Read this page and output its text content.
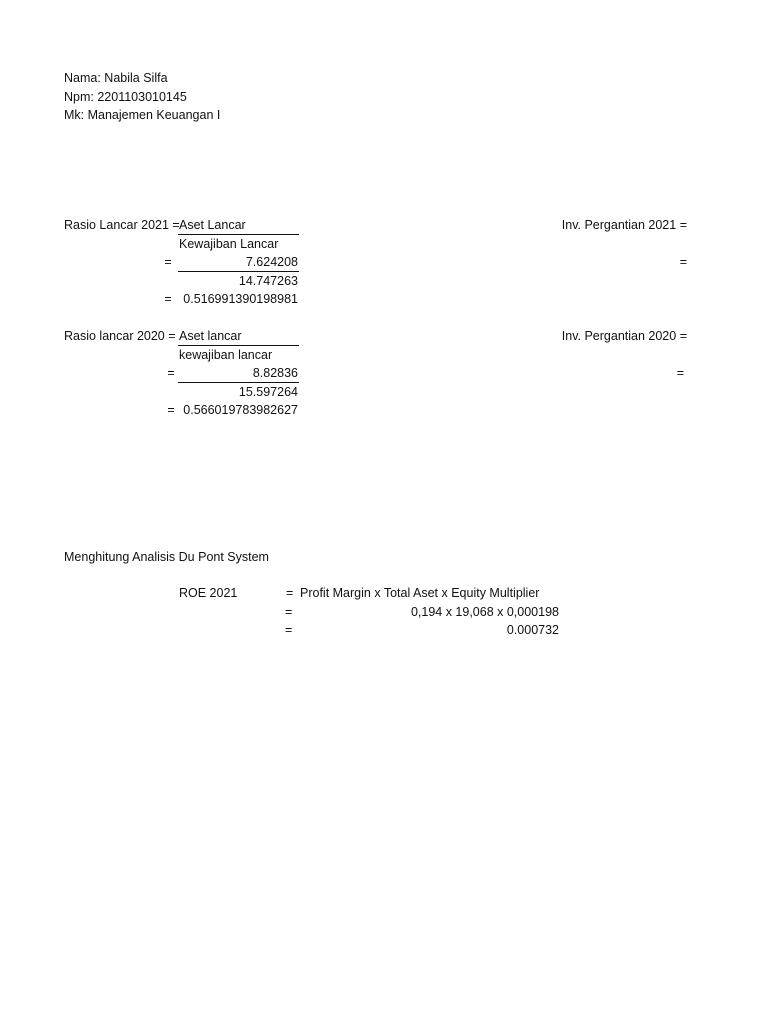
Nama: Nabila Silfa
Npm: 2201103010145
Mk: Manajemen Keuangan I
Rasio Lancar 2021 = Aset Lancar
Kewajiban Lancar
=	7.624208
14.747263
= 0.516991390198981
Inv. Pergantian 2021 =
=
Rasio lancar 2020 = Aset lancar
kewajiban lancar
=	8.82836
15.597264
= 0.566019783982627
Inv. Pergantian 2020 =
=
Menghitung Analisis Du Pont System
ROE 2021	= Profit Margin x Total Aset x Equity Multiplier
=	0,194 x 19,068 x 0,000198
=	0.000732
